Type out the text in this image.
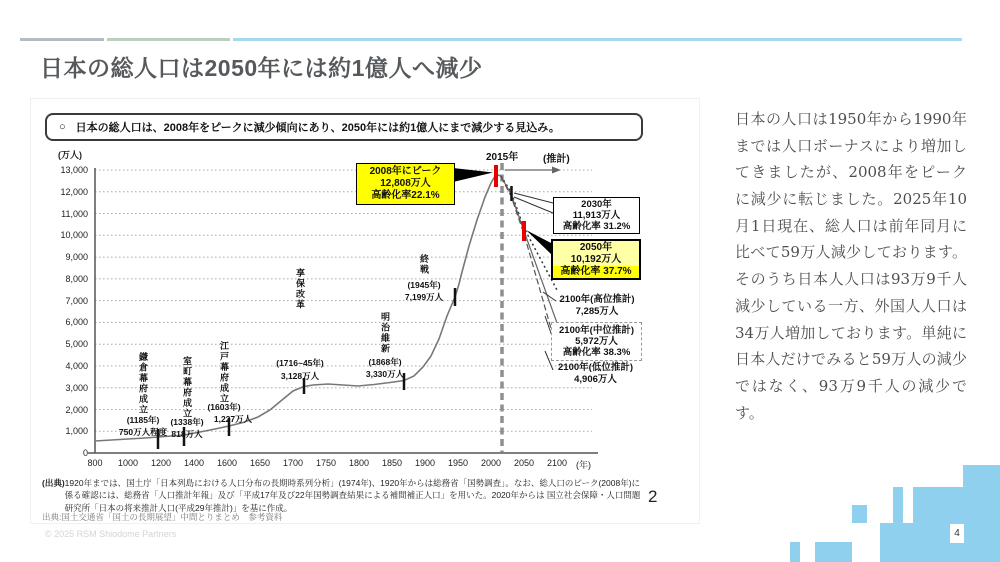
日本の総人口は2050年には約1億人へ減少
○ 日本の総人口は、2008年をピークに減少傾向にあり、2050年には約1億人にまで減少する見込み。
(万人)
(年)
13,000
12,000
11,000
10,000
9,000
8,000
7,000
6,000
5,000
4,000
3,000
2,000
1,000
0
800	1000	1200	1400	1600	1650	1700	1750	1800	1850	1900	1950	2000	2050	2100
鎌倉幕府成立
(1185年)
750万人程度
室町幕府成立
(1338年)
818万人
江戸幕府成立
(1603年)
1,227万人
享保改革
(1716~45年)
3,128万人
明治維新
(1868年)
3,330万人
終戦
(1945年)
7,199万人
2008年にピーク
12,808万人
高齢化率22.1%
2015年	(推計)
2030年
11,913万人
高齢化率 31.2%
2050年
10,192万人
高齢化率 37.7%
2100年(高位推計)
7,285万人
2100年(中位推計)
5,972万人
高齢化率 38.3%
2100年(低位推計)
4,906万人
(出典) 1920年までは、国土庁「日本列島における人口分布の長期時系列分析」(1974年)、1920年からは総務省「国勢調査」。なお、総人口のピーク(2008年)に係る確認には、総務省「人口推計年報」及び「平成17年及び22年国勢調査結果による補間補正人口」を用いた。2020年からは 国立社会保障・人口問題研究所「日本の将来推計人口(平成29年推計)」を基に作成。
出典:国土交通省「国土の長期展望」中間とりまとめ　参考資料
2
© 2025 RSM Shiodome Partners
日本の人口は1950年から1990年までは人口ボーナスにより増加してきましたが、2008年をピークに減少に転じました。2025年10月1日現在、総人口は前年同月に比べて59万人減少しております。そのうち日本人人口は93万9千人減少している一方、外国人人口は34万人増加しております。単純に日本人だけでみると59万人の減少ではなく、93万9千人の減少です。
4
